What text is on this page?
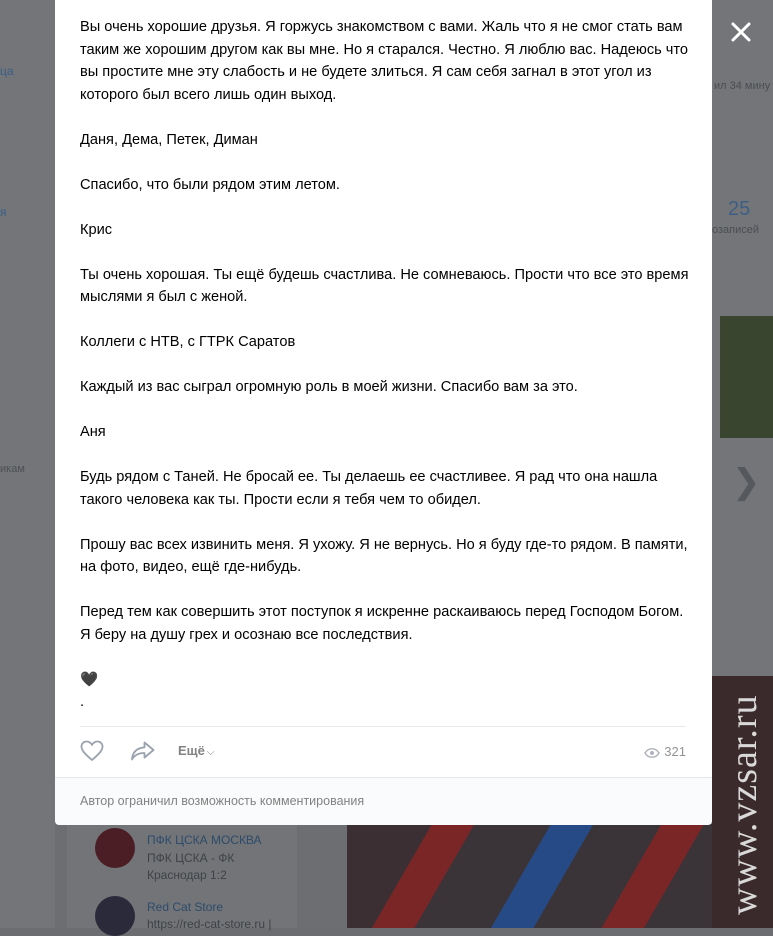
ца
я
икам
ил 34 мину
25
озаписей
❯
ПФК ЦСКА МОСКВА
ПФК ЦСКА - ФК
Краснодар 1:2
Red Cat Store
https://red-cat-store.ru |
www.vzsar.ru

Вы очень хорошие друзья. Я горжусь знакомством с вами. Жаль что я не смог стать вам таким же хорошим другом как вы мне. Но я старался. Честно. Я люблю вас. Надеюсь что вы простите мне эту слабость и не будете злиться. Я сам себя загнал в этот угол из которого был всего лишь один выход.

Даня, Дема, Петек, Диман

Спасибо, что были рядом этим летом.

Крис

Ты очень хорошая. Ты ещё будешь счастлива. Не сомневаюсь. Прости что все это время мыслями я был с женой.

Коллеги с НТВ, с ГТРК Саратов

Каждый из вас сыграл огромную роль в моей жизни. Спасибо вам за это.

Аня

Будь рядом с Таней. Не бросай ее. Ты делаешь ее счастливее. Я рад что она нашла такого человека как ты. Прости если я тебя чем то обидел.

Прошу вас всех извинить меня. Я ухожу. Я не вернусь. Но я буду где-то рядом. В памяти, на фото, видео, ещё где-нибудь.

Перед тем как совершить этот поступок я искренне раскаиваюсь перед Господом Богом. Я беру на душу грех и осознаю все последствия.

🖤

.

Ещё ⌵	321
Автор ограничил возможность комментирования
